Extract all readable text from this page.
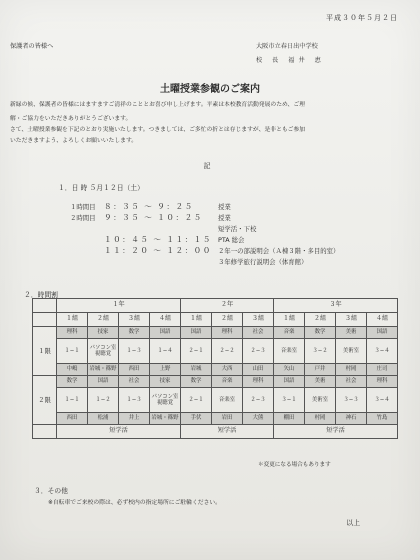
平成３０年５月２日
保護者の皆様へ	大阪市立春日出中学校
校 長 福井 恵
土曜授業参観のご案内
新緑の候、保護者の皆様にはますますご清祥のこととお喜び申し上げます。平素は本校教育活動発展のため、ご理
解・ご協力をいただきありがとうございます。
さて、土曜授業参観を下記のとおり実施いたします。つきましては、ご多忙の折とは存じますが、是非ともご参加
いただきますよう、よろしくお願いいたします。
記
１．日 時 ５月１２日（土）
１時間目	８：３５ 〜 ９：２５	授業
２時間目	９：３５ 〜 １０：２５	授業
短学活・下校
１０：４５ 〜 １１：１５ PTA 総会
１１：２０ 〜 １２：００ ２年一の部説明会（Ａ棟３階・多目的室）
３年修学旅行説明会（体育館）
２．時間割
	１年				２年			３年			
	１組	２組	３組	４組	１組	２組	３組	１組	２組	３組	４組
１限	理科	技家	数学	国語	国語	理科	社会	音楽	数学	美術	国語
	１−１	パソコン室 視聴覚	１−３	１−４	２−１	２−２	２−３	音楽室	３−２	美術室	３−４
	中嶋	岩城・篠野	西田	上野	岩城	大西	山田	矢山	戸井	村岡	庄司
２限	数学	国語	社会	技家	数学	音楽	理科	国語	美術	社会	理科
	１−１	１−２	１−３	パソコン室 視聴覚	２−１	音楽室	２−３	３−１	美術室	３−３	３−４
	西田	松浦	井上	岩城・篠野	手伏	岩田	大熊	棚田	村岡	神石	竹島
	短学活				短学活			短学活			
＊変更になる場合もあります
３．その他
※自転車でご来校の際は、必ず校内の指定場所にご駐輪ください。
以上
